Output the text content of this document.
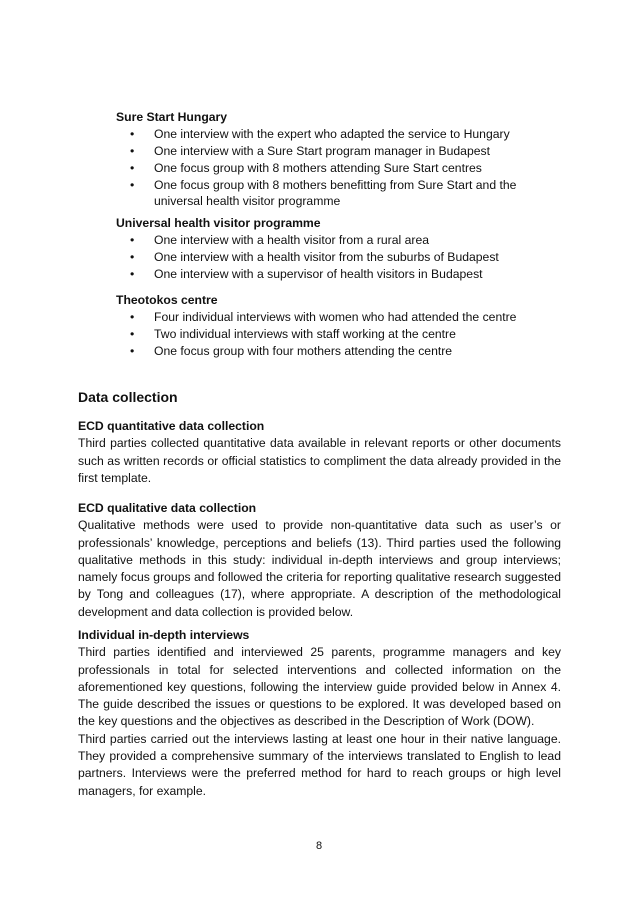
Sure Start Hungary
• One interview with the expert who adapted the service to Hungary
• One interview with a Sure Start program manager in Budapest
• One focus group with 8 mothers attending Sure Start centres
• One focus group with 8 mothers benefitting from Sure Start and the universal health visitor programme
Universal health visitor programme
• One interview with a health visitor from a rural area
• One interview with a health visitor from the suburbs of Budapest
• One interview with a supervisor of health visitors in Budapest
Theotokos centre
• Four individual interviews with women who had attended the centre
• Two individual interviews with staff working at the centre
• One focus group with four mothers attending the centre
Data collection
ECD quantitative data collection
Third parties collected quantitative data available in relevant reports or other documents such as written records or official statistics to compliment the data already provided in the first template.
ECD qualitative data collection
Qualitative methods were used to provide non-quantitative data such as user’s or professionals’ knowledge, perceptions and beliefs (13). Third parties used the following qualitative methods in this study: individual in-depth interviews and group interviews; namely focus groups and followed the criteria for reporting qualitative research suggested by Tong and colleagues (17), where appropriate. A description of the methodological development and data collection is provided below.
Individual in-depth interviews
Third parties identified and interviewed 25 parents, programme managers and key professionals in total for selected interventions and collected information on the aforementioned key questions, following the interview guide provided below in Annex 4. The guide described the issues or questions to be explored. It was developed based on the key questions and the objectives as described in the Description of Work (DOW).
Third parties carried out the interviews lasting at least one hour in their native language. They provided a comprehensive summary of the interviews translated to English to lead partners. Interviews were the preferred method for hard to reach groups or high level managers, for example.
8
